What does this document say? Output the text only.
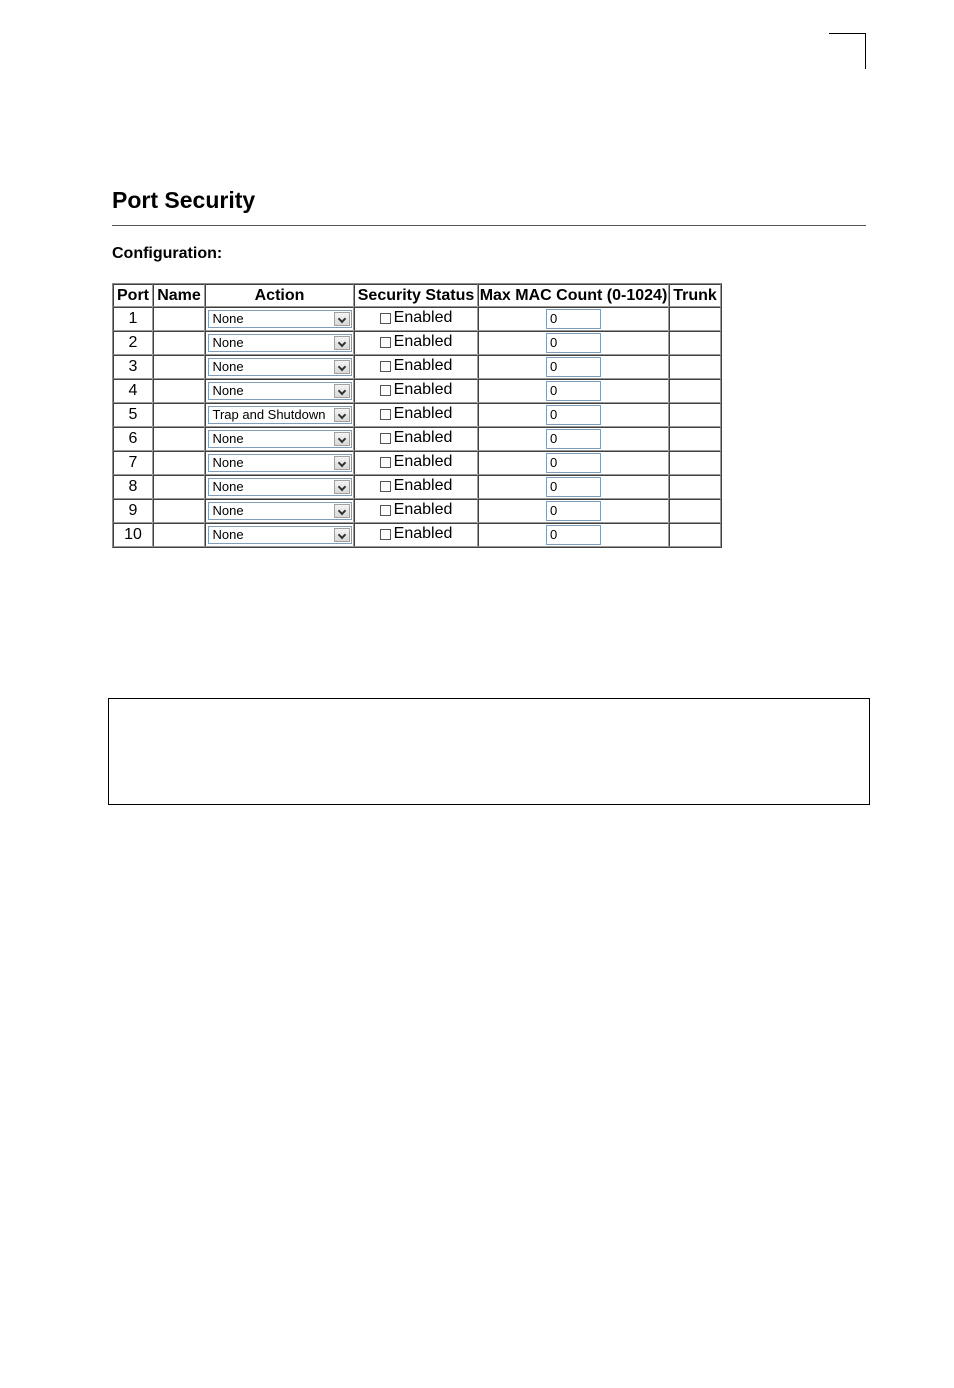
Port Security
Configuration:
Port	Name	Action	Security Status	Max MAC Count (0-1024)	Trunk
1		None	Enabled	0	
2		None	Enabled	0	
3		None	Enabled	0	
4		None	Enabled	0	
5		Trap and Shutdown	Enabled	0	
6		None	Enabled	0	
7		None	Enabled	0	
8		None	Enabled	0	
9		None	Enabled	0	
10		None	Enabled	0	
